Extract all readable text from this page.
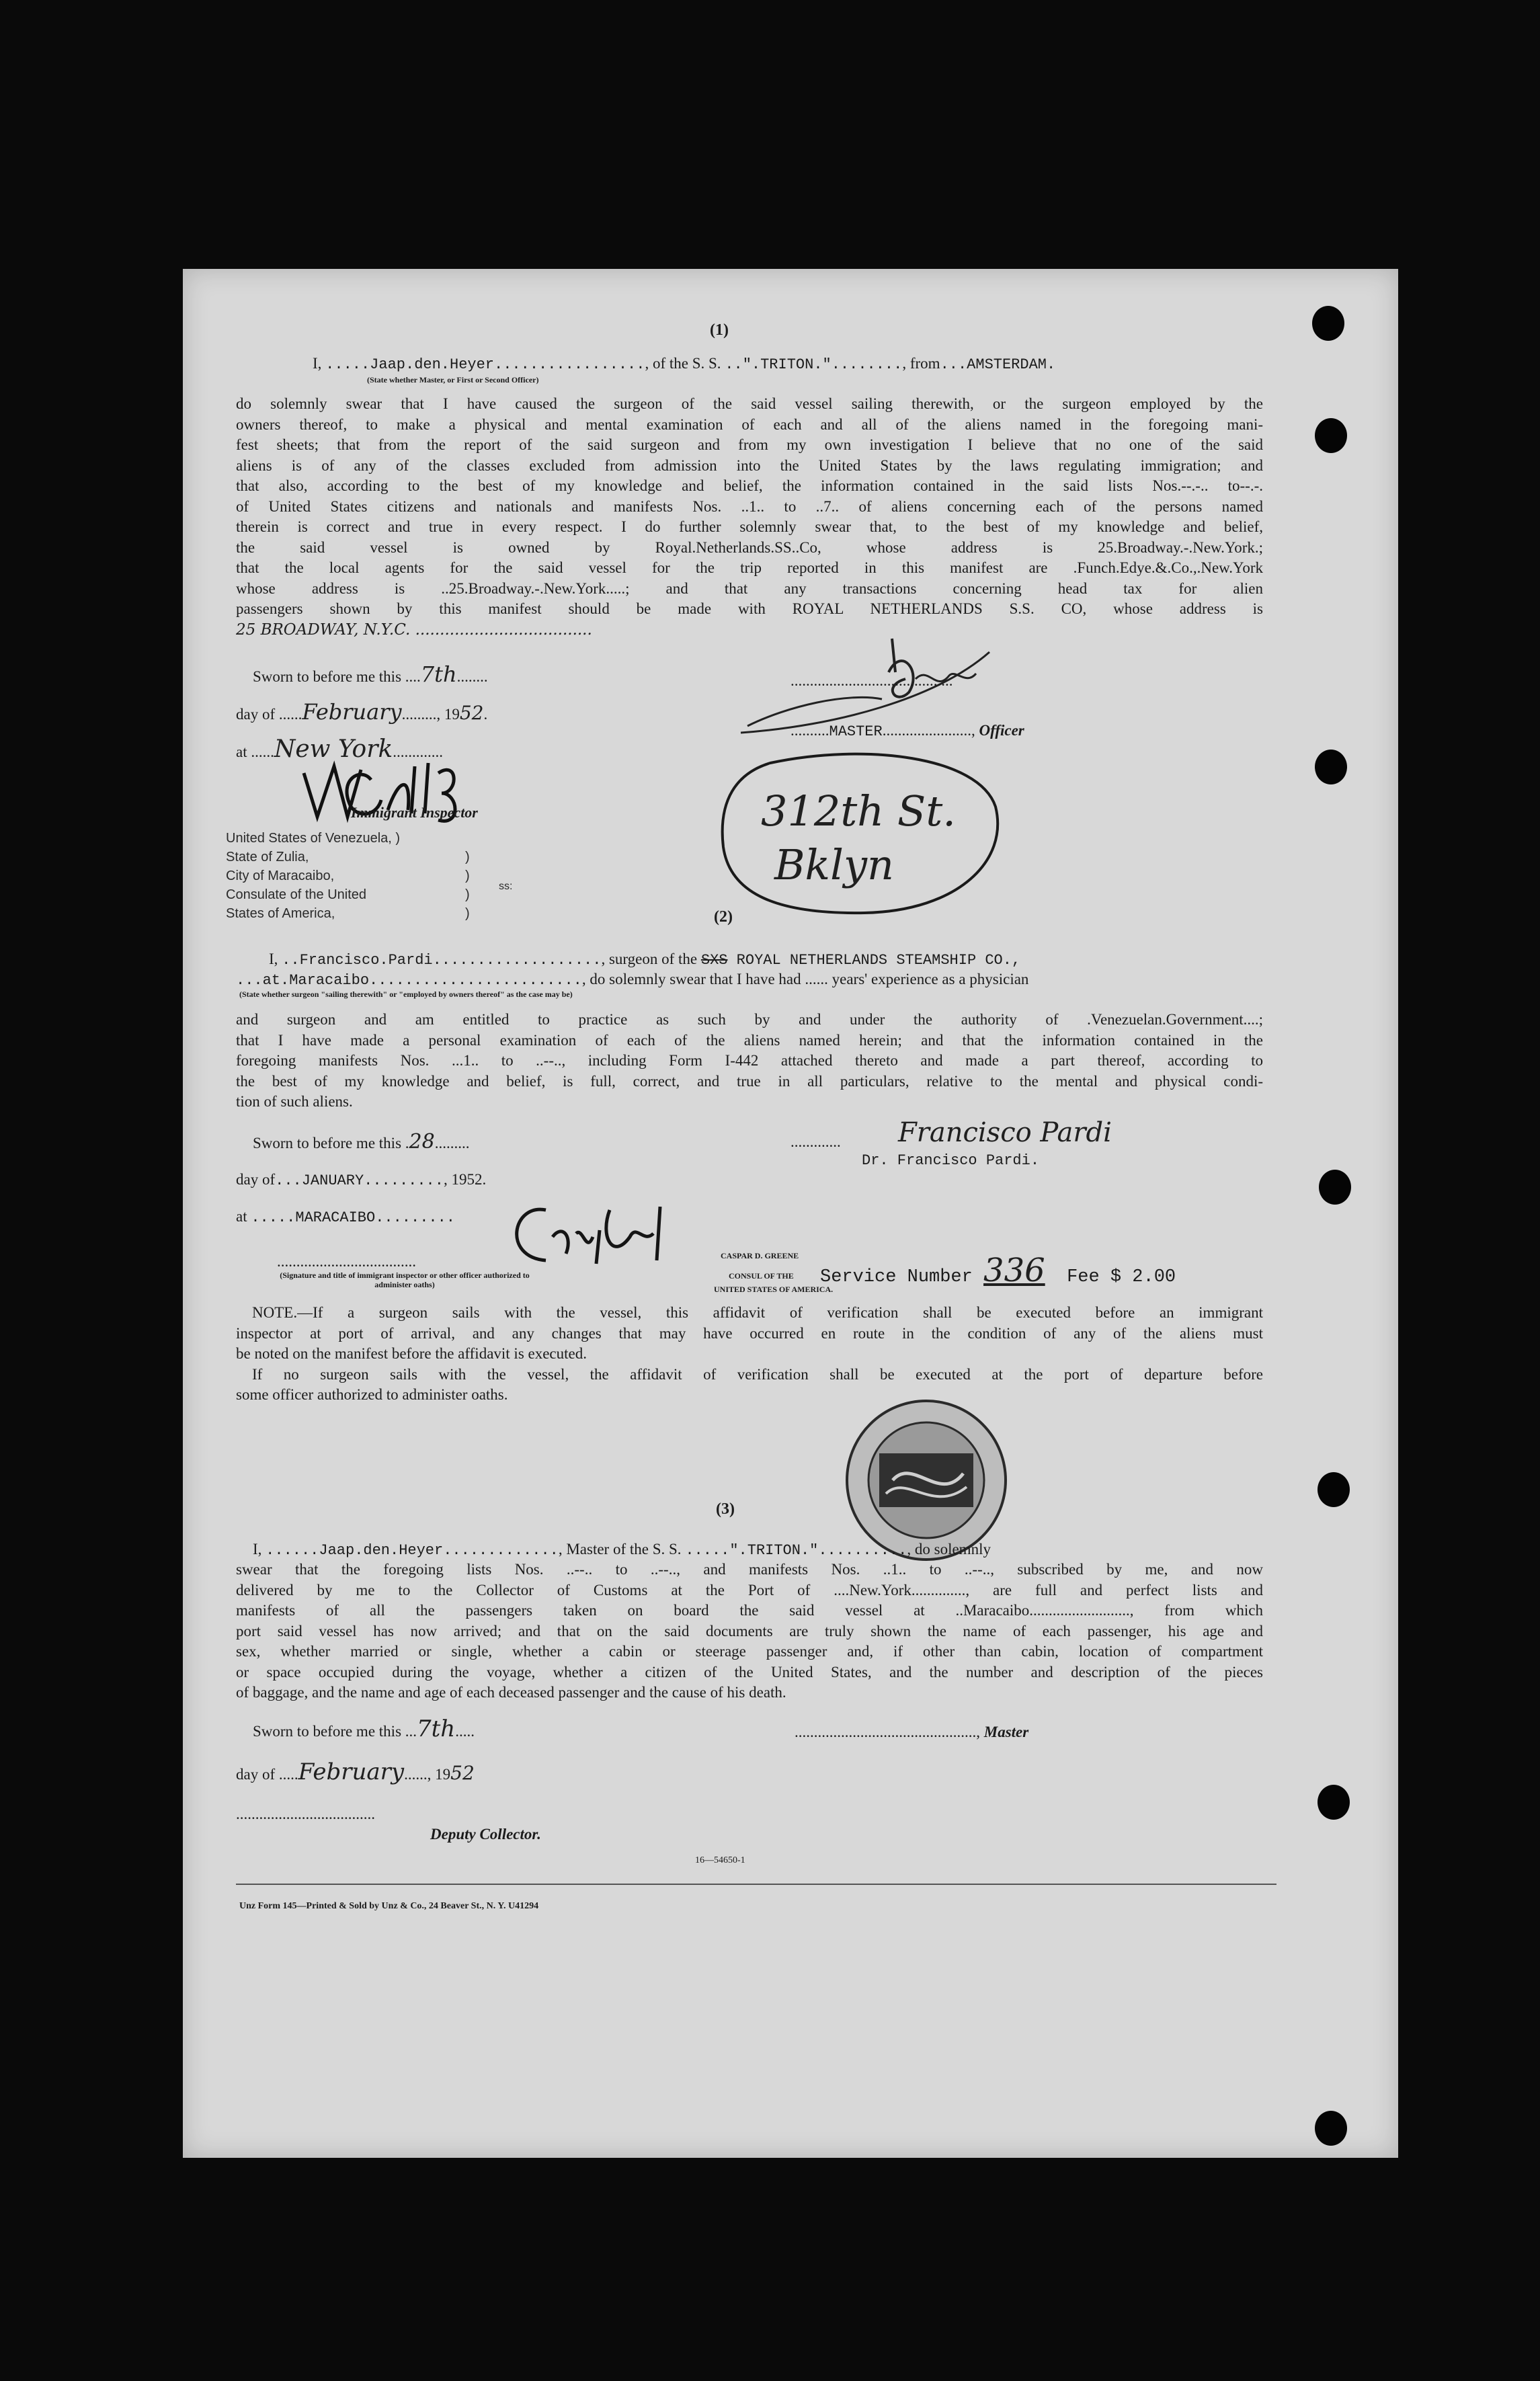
(1)
I, .....Jaap.den.Heyer................., of the S. S. ..".TRITON."........, from...AMSTERDAM.
(State whether Master, or First or Second Officer)
do solemnly swear that I have caused the surgeon of the said vessel sailing therewith, or the surgeon employed by the
owners thereof, to make a physical and mental examination of each and all of the aliens named in the foregoing mani-
fest sheets; that from the report of the said surgeon and from my own investigation I believe that no one of the said
aliens is of any of the classes excluded from admission into the United States by the laws regulating immigration; and
that also, according to the best of my knowledge and belief, the information contained in the said lists Nos.--.-.. to--.-.
of United States citizens and nationals and manifests Nos. ..1.. to ..7.. of aliens concerning each of the persons named
therein is correct and true in every respect. I do further solemnly swear that, to the best of my knowledge and belief,
the said vessel is owned by Royal.Netherlands.SS..Co, whose address is 25.Broadway.-.New.York.;
that the local agents for the said vessel for the trip reported in this manifest are .Funch.Edye.&.Co.,.New.York
whose address is ..25.Broadway.-.New.York.....; and that any transactions concerning head tax for alien
passengers shown by this manifest should be made with ROYAL NETHERLANDS S.S. CO, whose address is
25 BROADWAY, N.Y.C. ....................................
Sworn to before me this ....7th........
day of ......February........., 1952.
at ......New York.............
Immigrant Inspector
..........................................
..........MASTER......................., Officer
312th St.
Bklyn
United States of Venezuela, )
State of Zulia,
City of Maracaibo,
Consulate of the United
States of America,
)
)
)
)
ss:
(2)
I, ..Francisco.Pardi..................., surgeon of the SXS ROYAL NETHERLANDS STEAMSHIP CO.,
...at.Maracaibo........................, do solemnly swear that I have had ...... years' experience as a physician
(State whether surgeon "sailing therewith" or "employed by owners thereof" as the case may be)
and surgeon and am entitled to practice as such by and under the authority of .Venezuelan.Government....;
that I have made a personal examination of each of the aliens named herein; and that the information contained in the
foregoing manifests Nos. ...1.. to ..--.., including Form I-442 attached thereto and made a part thereof, according to
the best of my knowledge and belief, is full, correct, and true in all particulars, relative to the mental and physical condi-
tion of such aliens.
Sworn to before me this .28.........
day of...JANUARY........., 1952.
at .....MARACAIBO.........
Francisco Pardi
.............
Dr. Francisco Pardi.
CASPAR D. GREENE
CONSUL OF THE
UNITED STATES OF AMERICA.
(Signature and title of immigrant inspector or other officer authorized to administer oaths)
....................................
Service Number 336 Fee $ 2.00
NOTE.—If a surgeon sails with the vessel, this affidavit of verification shall be executed before an immigrant
inspector at port of arrival, and any changes that may have occurred en route in the condition of any of the aliens must
be noted on the manifest before the affidavit is executed.
If no surgeon sails with the vessel, the affidavit of verification shall be executed at the port of departure before
some officer authorized to administer oaths.
(3)
I, ......Jaap.den.Heyer............., Master of the S. S. .....".TRITON.".........., do solemnly
swear that the foregoing lists Nos. ..--.. to ..--.., and manifests Nos. ..1.. to ..--.., subscribed by me, and now
delivered by me to the Collector of Customs at the Port of ....New.York.............., are full and perfect lists and
manifests of all the passengers taken on board the said vessel at ..Maracaibo.........................., from which
port said vessel has now arrived; and that on the said documents are truly shown the name of each passenger, his age and
sex, whether married or single, whether a cabin or steerage passenger and, if other than cabin, location of compartment
or space occupied during the voyage, whether a citizen of the United States, and the number and description of the pieces
of baggage, and the name and age of each deceased passenger and the cause of his death.
Sworn to before me this ...7th.....	..............................................., Master
day of .....February......, 1952
....................................
Deputy Collector.
16—54650-1
Unz Form 145—Printed & Sold by Unz & Co., 24 Beaver St., N. Y. U41294
